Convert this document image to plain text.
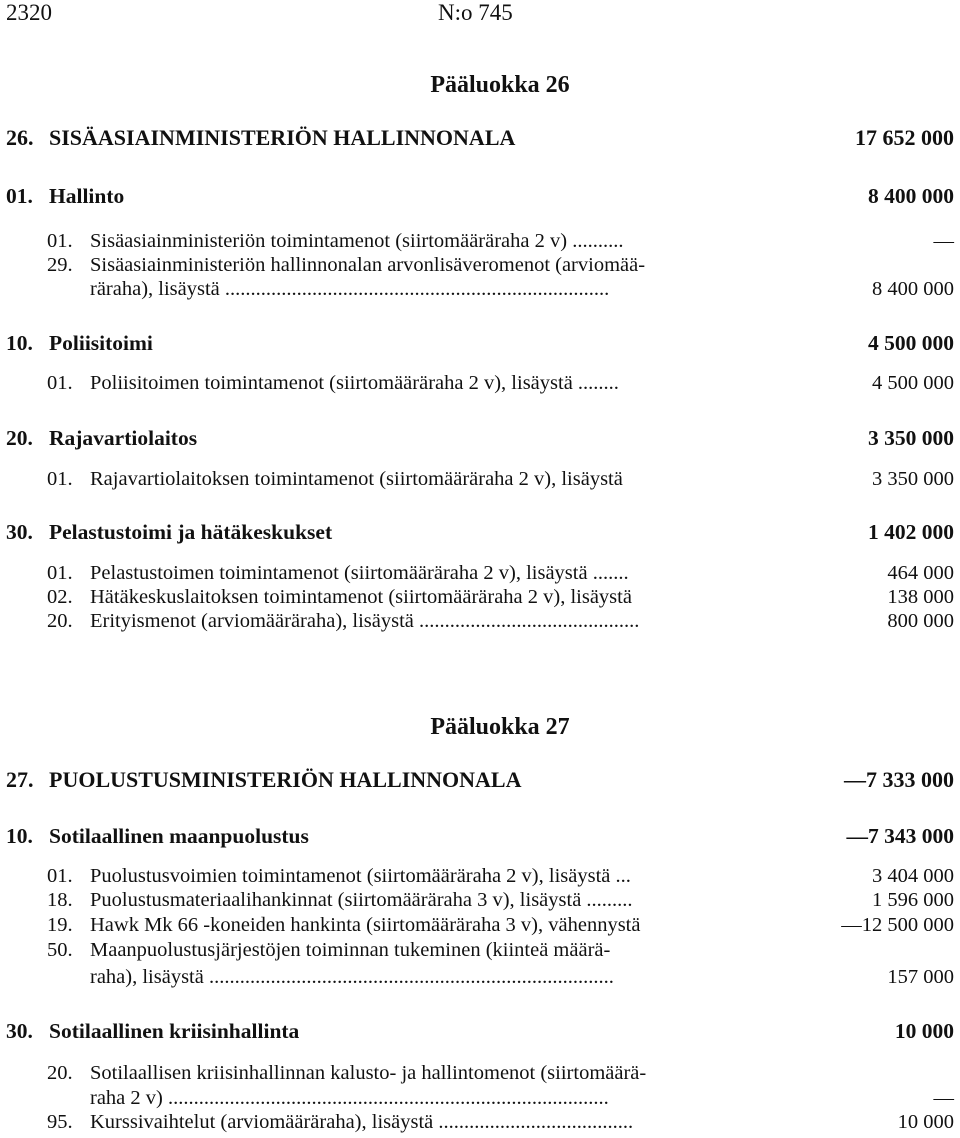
2320	N:o 745
Pääluokka 26
26. SISÄASIAINMINISTERIÖN HALLINNONALA	17 652 000
01. Hallinto	8 400 000
01. Sisäasiainministeriön toimintamenot (siirtomääräraha 2 v) ..........	—
29. Sisäasiainministeriön hallinnonalan arvonlisäveromenot (arviomää-
räraha), lisäystä ...........................................................................	8 400 000
10. Poliisitoimi	4 500 000
01. Poliisitoimen toimintamenot (siirtomääräraha 2 v), lisäystä ........	4 500 000
20. Rajavartiolaitos	3 350 000
01. Rajavartiolaitoksen toimintamenot (siirtomääräraha 2 v), lisäystä	3 350 000
30. Pelastustoimi ja hätäkeskukset	1 402 000
01. Pelastustoimen toimintamenot (siirtomääräraha 2 v), lisäystä .......	464 000
02. Hätäkeskuslaitoksen toimintamenot (siirtomääräraha 2 v), lisäystä	138 000
20. Erityismenot (arviomääräraha), lisäystä ...........................................	800 000
Pääluokka 27
27. PUOLUSTUSMINISTERIÖN HALLINNONALA	—7 333 000
10. Sotilaallinen maanpuolustus	—7 343 000
01. Puolustusvoimien toimintamenot (siirtomääräraha 2 v), lisäystä ...	3 404 000
18. Puolustusmateriaalihankinnat (siirtomääräraha 3 v), lisäystä .........	1 596 000
19. Hawk Mk 66 -koneiden hankinta (siirtomääräraha 3 v), vähennystä	—12 500 000
50. Maanpuolustusjärjestöjen toiminnan tukeminen (kiinteä määrä-
raha), lisäystä ...............................................................................	157 000
30. Sotilaallinen kriisinhallinta	10 000
20. Sotilaallisen kriisinhallinnan kalusto- ja hallintomenot (siirtomäärä-
raha 2 v) ......................................................................................	—
95. Kurssivaihtelut (arviomääräraha), lisäystä ......................................	10 000
